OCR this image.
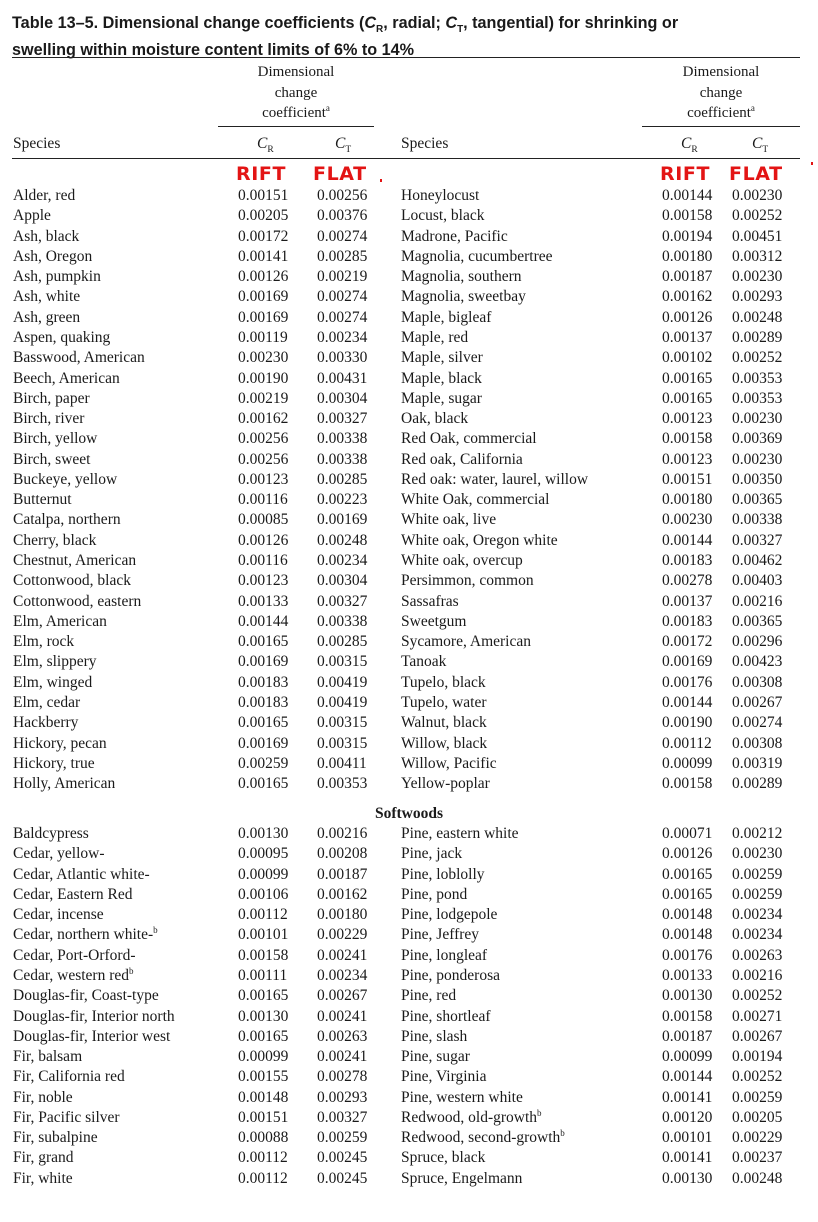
Table 13–5. Dimensional change coefficients ($C_R$, radial; $C_T$, tangential) for shrinking or
swelling within moisture content limits of 6% to 14%
Dimensional
change
coefficient$^a$
Dimensional
change
coefficient$^a$
Species	$C_R$	$C_T$	Species	$C_R$	$C_T$
RIFT FLAT	RIFT FLAT
Alder, red	0.00151 0.00256 Honeylocust	0.00144 0.00230
Apple	0.00205 0.00376 Locust, black	0.00158 0.00252
Ash, black	0.00172 0.00274 Madrone, Pacific	0.00194 0.00451
Ash, Oregon	0.00141 0.00285 Magnolia, cucumbertree	0.00180 0.00312
Ash, pumpkin	0.00126 0.00219 Magnolia, southern	0.00187 0.00230
Ash, white	0.00169 0.00274 Magnolia, sweetbay	0.00162 0.00293
Ash, green	0.00169 0.00274 Maple, bigleaf	0.00126 0.00248
Aspen, quaking	0.00119 0.00234 Maple, red	0.00137 0.00289
Basswood, American	0.00230 0.00330 Maple, silver	0.00102 0.00252
Beech, American	0.00190 0.00431 Maple, black	0.00165 0.00353
Birch, paper	0.00219 0.00304 Maple, sugar	0.00165 0.00353
Birch, river	0.00162 0.00327 Oak, black	0.00123 0.00230
Birch, yellow	0.00256 0.00338 Red Oak, commercial	0.00158 0.00369
Birch, sweet	0.00256 0.00338 Red oak, California	0.00123 0.00230
Buckeye, yellow	0.00123 0.00285 Red oak: water, laurel, willow	0.00151 0.00350
Butternut	0.00116 0.00223 White Oak, commercial	0.00180 0.00365
Catalpa, northern	0.00085 0.00169 White oak, live	0.00230 0.00338
Cherry, black	0.00126 0.00248 White oak, Oregon white	0.00144 0.00327
Chestnut, American	0.00116 0.00234 White oak, overcup	0.00183 0.00462
Cottonwood, black	0.00123 0.00304 Persimmon, common	0.00278 0.00403
Cottonwood, eastern	0.00133 0.00327 Sassafras	0.00137 0.00216
Elm, American	0.00144 0.00338 Sweetgum	0.00183 0.00365
Elm, rock	0.00165 0.00285 Sycamore, American	0.00172 0.00296
Elm, slippery	0.00169 0.00315 Tanoak	0.00169 0.00423
Elm, winged	0.00183 0.00419 Tupelo, black	0.00176 0.00308
Elm, cedar	0.00183 0.00419 Tupelo, water	0.00144 0.00267
Hackberry	0.00165 0.00315 Walnut, black	0.00190 0.00274
Hickory, pecan	0.00169 0.00315 Willow, black	0.00112 0.00308
Hickory, true	0.00259 0.00411 Willow, Pacific	0.00099 0.00319
Holly, American	0.00165 0.00353 Yellow-poplar	0.00158 0.00289
Softwoods
Baldcypress	0.00130 0.00216 Pine, eastern white	0.00071 0.00212
Cedar, yellow-	0.00095 0.00208 Pine, jack	0.00126 0.00230
Cedar, Atlantic white-	0.00099 0.00187 Pine, loblolly	0.00165 0.00259
Cedar, Eastern Red	0.00106 0.00162 Pine, pond	0.00165 0.00259
Cedar, incense	0.00112 0.00180 Pine, lodgepole	0.00148 0.00234
Cedar, northern white-$^b$	0.00101 0.00229 Pine, Jeffrey	0.00148 0.00234
Cedar, Port-Orford-	0.00158 0.00241 Pine, longleaf	0.00176 0.00263
Cedar, western red$^b$	0.00111 0.00234 Pine, ponderosa	0.00133 0.00216
Douglas-fir, Coast-type	0.00165 0.00267 Pine, red	0.00130 0.00252
Douglas-fir, Interior north	0.00130 0.00241 Pine, shortleaf	0.00158 0.00271
Douglas-fir, Interior west	0.00165 0.00263 Pine, slash	0.00187 0.00267
Fir, balsam	0.00099 0.00241 Pine, sugar	0.00099 0.00194
Fir, California red	0.00155 0.00278 Pine, Virginia	0.00144 0.00252
Fir, noble	0.00148 0.00293 Pine, western white	0.00141 0.00259
Fir, Pacific silver	0.00151 0.00327 Redwood, old-growth$^b$	0.00120 0.00205
Fir, subalpine	0.00088 0.00259 Redwood, second-growth$^b$	0.00101 0.00229
Fir, grand	0.00112 0.00245 Spruce, black	0.00141 0.00237
Fir, white	0.00112 0.00245 Spruce, Engelmann	0.00130 0.00248
